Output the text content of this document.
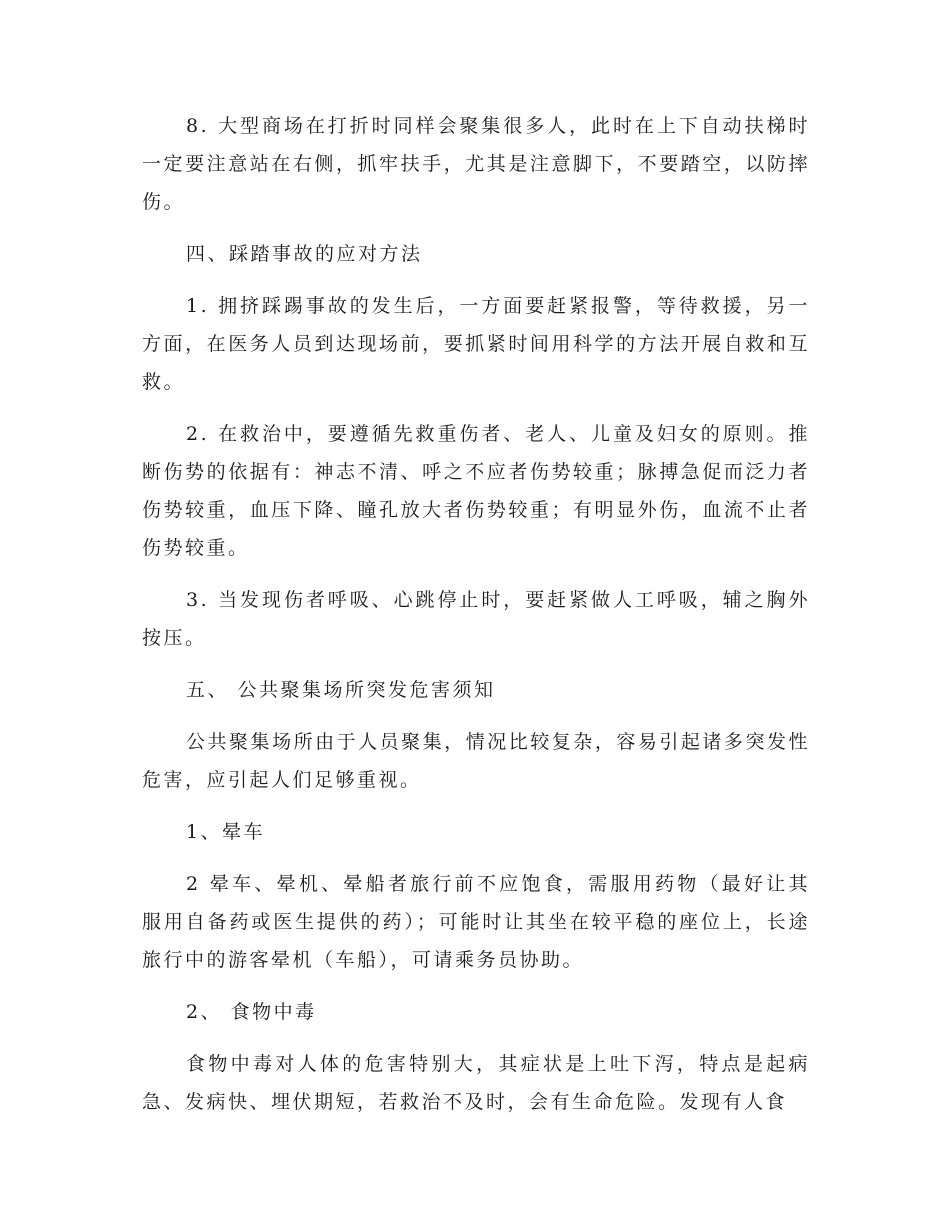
8. 大型商场在打折时同样会聚集很多人，此时在上下自动扶梯时一定要注意站在右侧，抓牢扶手，尤其是注意脚下，不要踏空，以防摔伤。

四、踩踏事故的应对方法

1. 拥挤踩踢事故的发生后，一方面要赶紧报警，等待救援，另一方面，在医务人员到达现场前，要抓紧时间用科学的方法开展自救和互救。

2. 在救治中，要遵循先救重伤者、老人、儿童及妇女的原则。推断伤势的依据有：神志不清、呼之不应者伤势较重；脉搏急促而泛力者伤势较重，血压下降、瞳孔放大者伤势较重；有明显外伤，血流不止者伤势较重。

3. 当发现伤者呼吸、心跳停止时，要赶紧做人工呼吸，辅之胸外按压。

五、 公共聚集场所突发危害须知

公共聚集场所由于人员聚集，情况比较复杂，容易引起诸多突发性危害，应引起人们足够重视。

1、晕车

2 晕车、晕机、晕船者旅行前不应饱食，需服用药物（最好让其服用自备药或医生提供的药）；可能时让其坐在较平稳的座位上，长途旅行中的游客晕机（车船），可请乘务员协助。

2、 食物中毒

食物中毒对人体的危害特别大，其症状是上吐下泻，特点是起病急、发病快、埋伏期短，若救治不及时，会有生命危险。发现有人食
